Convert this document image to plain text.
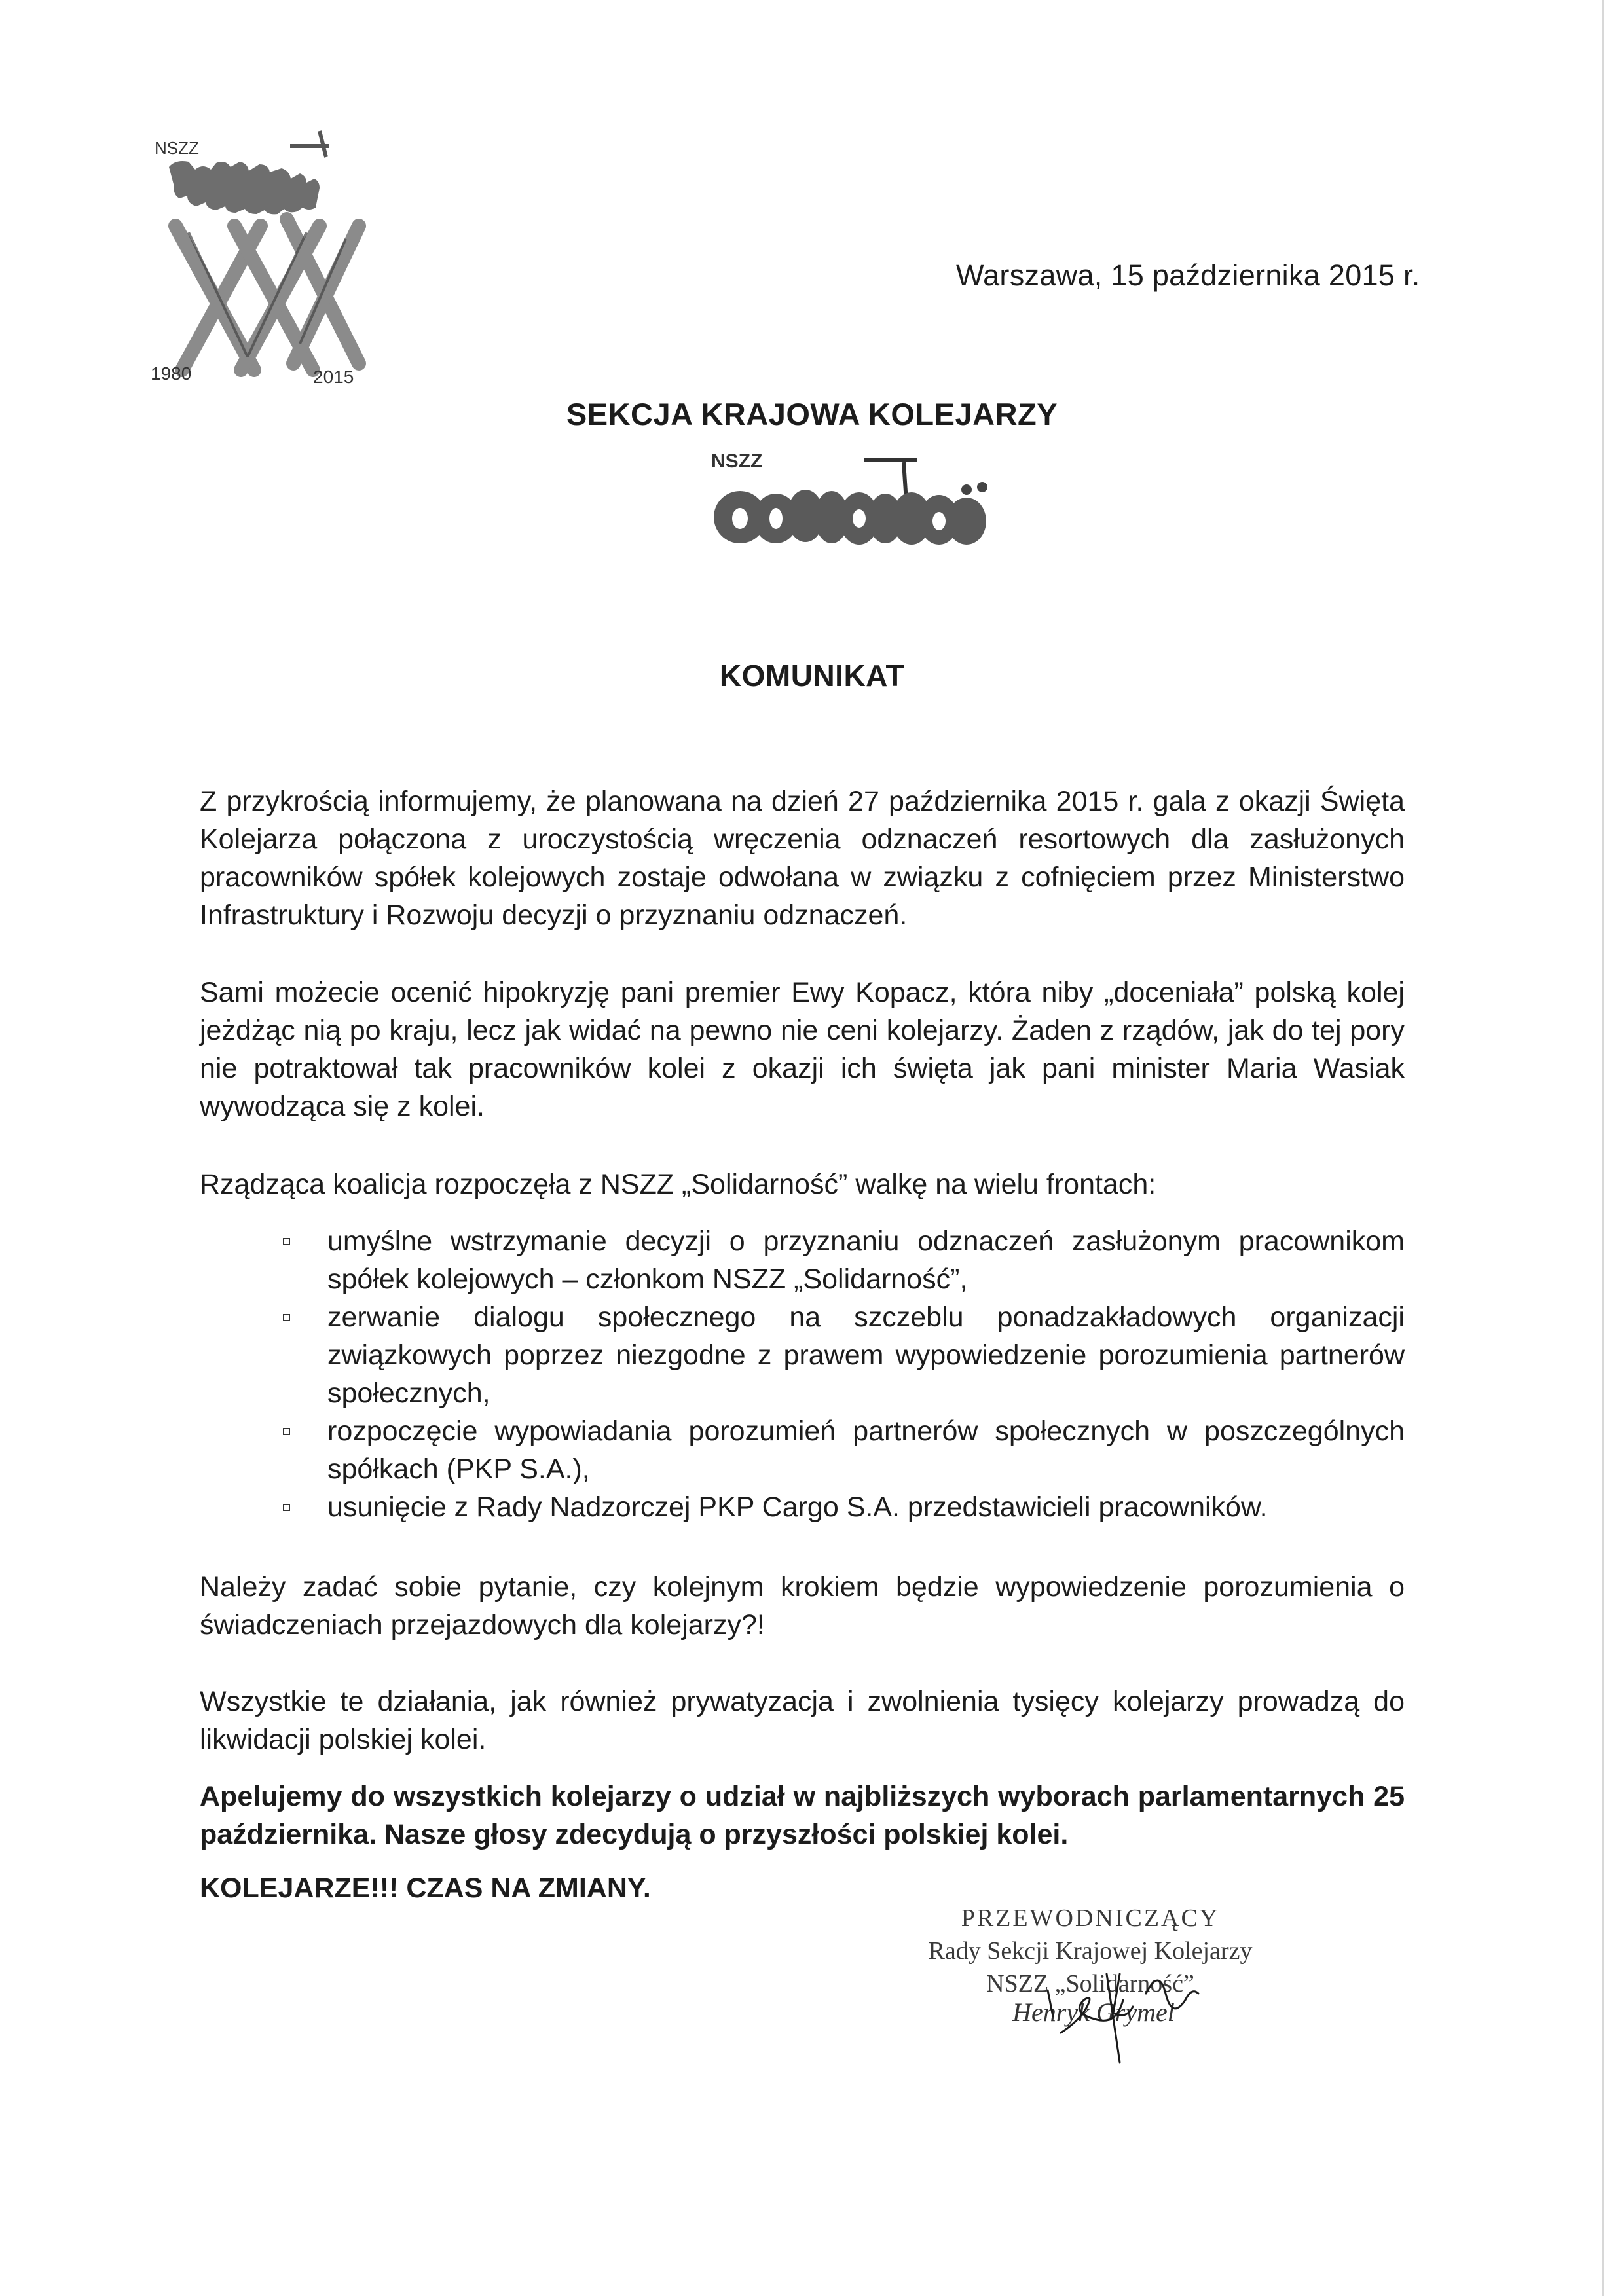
NSZZ
1980	2015
Warszawa, 15 października 2015 r.
SEKCJA KRAJOWA KOLEJARZY
NSZZ
KOMUNIKAT

Z przykrością informujemy, że planowana na dzień 27 października 2015 r. gala z okazji Święta Kolejarza połączona z uroczystością wręczenia odznaczeń resortowych dla zasłużonych pracowników spółek kolejowych zostaje odwołana w związku z cofnięciem przez Ministerstwo Infrastruktury i Rozwoju decyzji o przyznaniu odznaczeń.

Sami możecie ocenić hipokryzję pani premier Ewy Kopacz, która niby „doceniała” polską kolej jeżdżąc nią po kraju, lecz jak widać na pewno nie ceni kolejarzy. Żaden z rządów, jak do tej pory nie potraktował tak pracowników kolei z okazji ich święta jak pani minister Maria Wasiak wywodząca się z kolei.

Rządząca koalicja rozpoczęła z NSZZ „Solidarność” walkę na wielu frontach:

umyślne wstrzymanie decyzji o przyznaniu odznaczeń zasłużonym pracownikom spółek kolejowych – członkom NSZZ „Solidarność”,
zerwanie dialogu społecznego na szczeblu ponadzakładowych organizacji związkowych poprzez niezgodne z prawem wypowiedzenie porozumienia partnerów społecznych,
rozpoczęcie wypowiadania porozumień partnerów społecznych w poszczególnych spółkach (PKP S.A.),
usunięcie z Rady Nadzorczej PKP Cargo S.A. przedstawicieli pracowników.

Należy zadać sobie pytanie, czy kolejnym krokiem będzie wypowiedzenie porozumienia o świadczeniach przejazdowych dla kolejarzy?!

Wszystkie te działania, jak również prywatyzacja i zwolnienia tysięcy kolejarzy prowadzą do likwidacji polskiej kolei.

Apelujemy do wszystkich kolejarzy o udział w najbliższych wyborach parlamentarnych 25 października. Nasze głosy zdecydują o przyszłości polskiej kolei.

KOLEJARZE!!! CZAS NA ZMIANY.
PRZEWODNICZĄCY
Rady Sekcji Krajowej Kolejarzy
NSZZ „Solidarność”
Henryk Grymel
